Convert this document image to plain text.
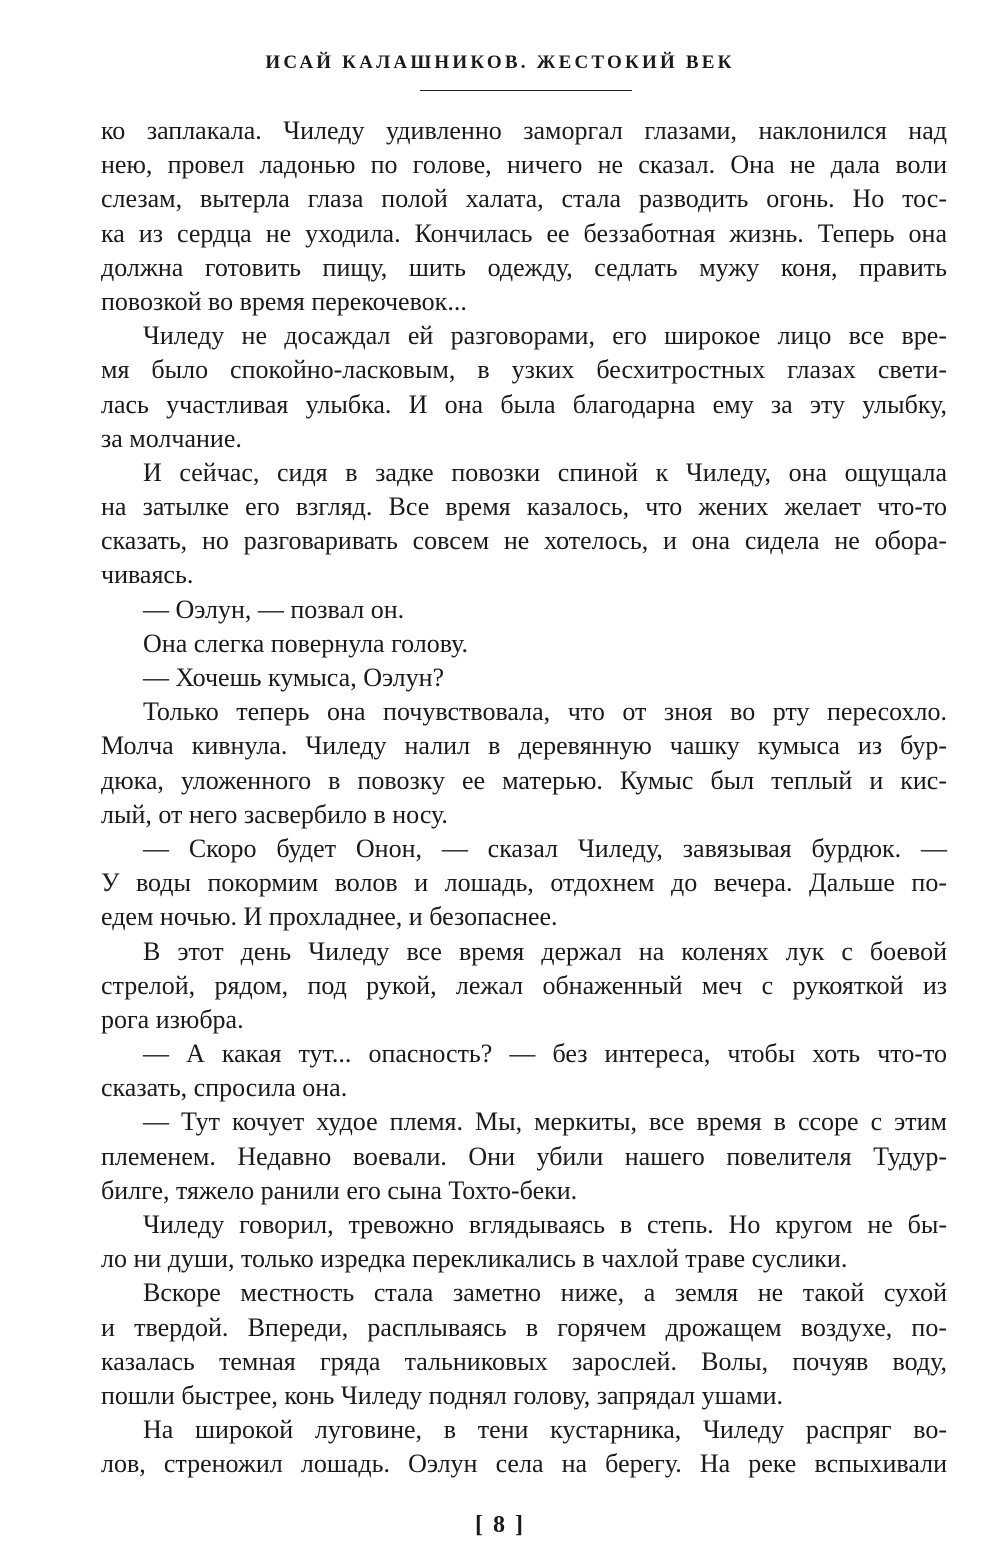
ИСАЙ КАЛАШНИКОВ. ЖЕСТОКИЙ ВЕК
ко заплакала. Чиледу удивленно заморгал глазами, наклонился над
нею, провел ладонью по голове, ничего не сказал. Она не дала воли
слезам, вытерла глаза полой халата, стала разводить огонь. Но тос-
ка из сердца не уходила. Кончилась ее беззаботная жизнь. Теперь она
должна готовить пищу, шить одежду, седлать мужу коня, править
повозкой во время перекочевок...
Чиледу не досаждал ей разговорами, его широкое лицо все вре-
мя было спокойно-ласковым, в узких бесхитростных глазах свети-
лась участливая улыбка. И она была благодарна ему за эту улыбку,
за молчание.
И сейчас, сидя в задке повозки спиной к Чиледу, она ощущала
на затылке его взгляд. Все время казалось, что жених желает что-то
сказать, но разговаривать совсем не хотелось, и она сидела не обора-
чиваясь.
— Оэлун, — позвал он.
Она слегка повернула голову.
— Хочешь кумыса, Оэлун?
Только теперь она почувствовала, что от зноя во рту пересохло.
Молча кивнула. Чиледу налил в деревянную чашку кумыса из бур-
дюка, уложенного в повозку ее матерью. Кумыс был теплый и кис-
лый, от него засвербило в носу.
— Скоро будет Онон, — сказал Чиледу, завязывая бурдюк. —
У воды покормим волов и лошадь, отдохнем до вечера. Дальше по-
едем ночью. И прохладнее, и безопаснее.
В этот день Чиледу все время держал на коленях лук с боевой
стрелой, рядом, под рукой, лежал обнаженный меч с рукояткой из
рога изюбра.
— А какая тут... опасность? — без интереса, чтобы хоть что-то
сказать, спросила она.
— Тут кочует худое племя. Мы, меркиты, все время в ссоре с этим
племенем. Недавно воевали. Они убили нашего повелителя Тудур-
билге, тяжело ранили его сына Тохто-беки.
Чиледу говорил, тревожно вглядываясь в степь. Но кругом не бы-
ло ни души, только изредка перекликались в чахлой траве суслики.
Вскоре местность стала заметно ниже, а земля не такой сухой
и твердой. Впереди, расплываясь в горячем дрожащем воздухе, по-
казалась темная гряда тальниковых зарослей. Волы, почуяв воду,
пошли быстрее, конь Чиледу поднял голову, запрядал ушами.
На широкой луговине, в тени кустарника, Чиледу распряг во-
лов, стреножил лошадь. Оэлун села на берегу. На реке вспыхивали
[ 8 ]
